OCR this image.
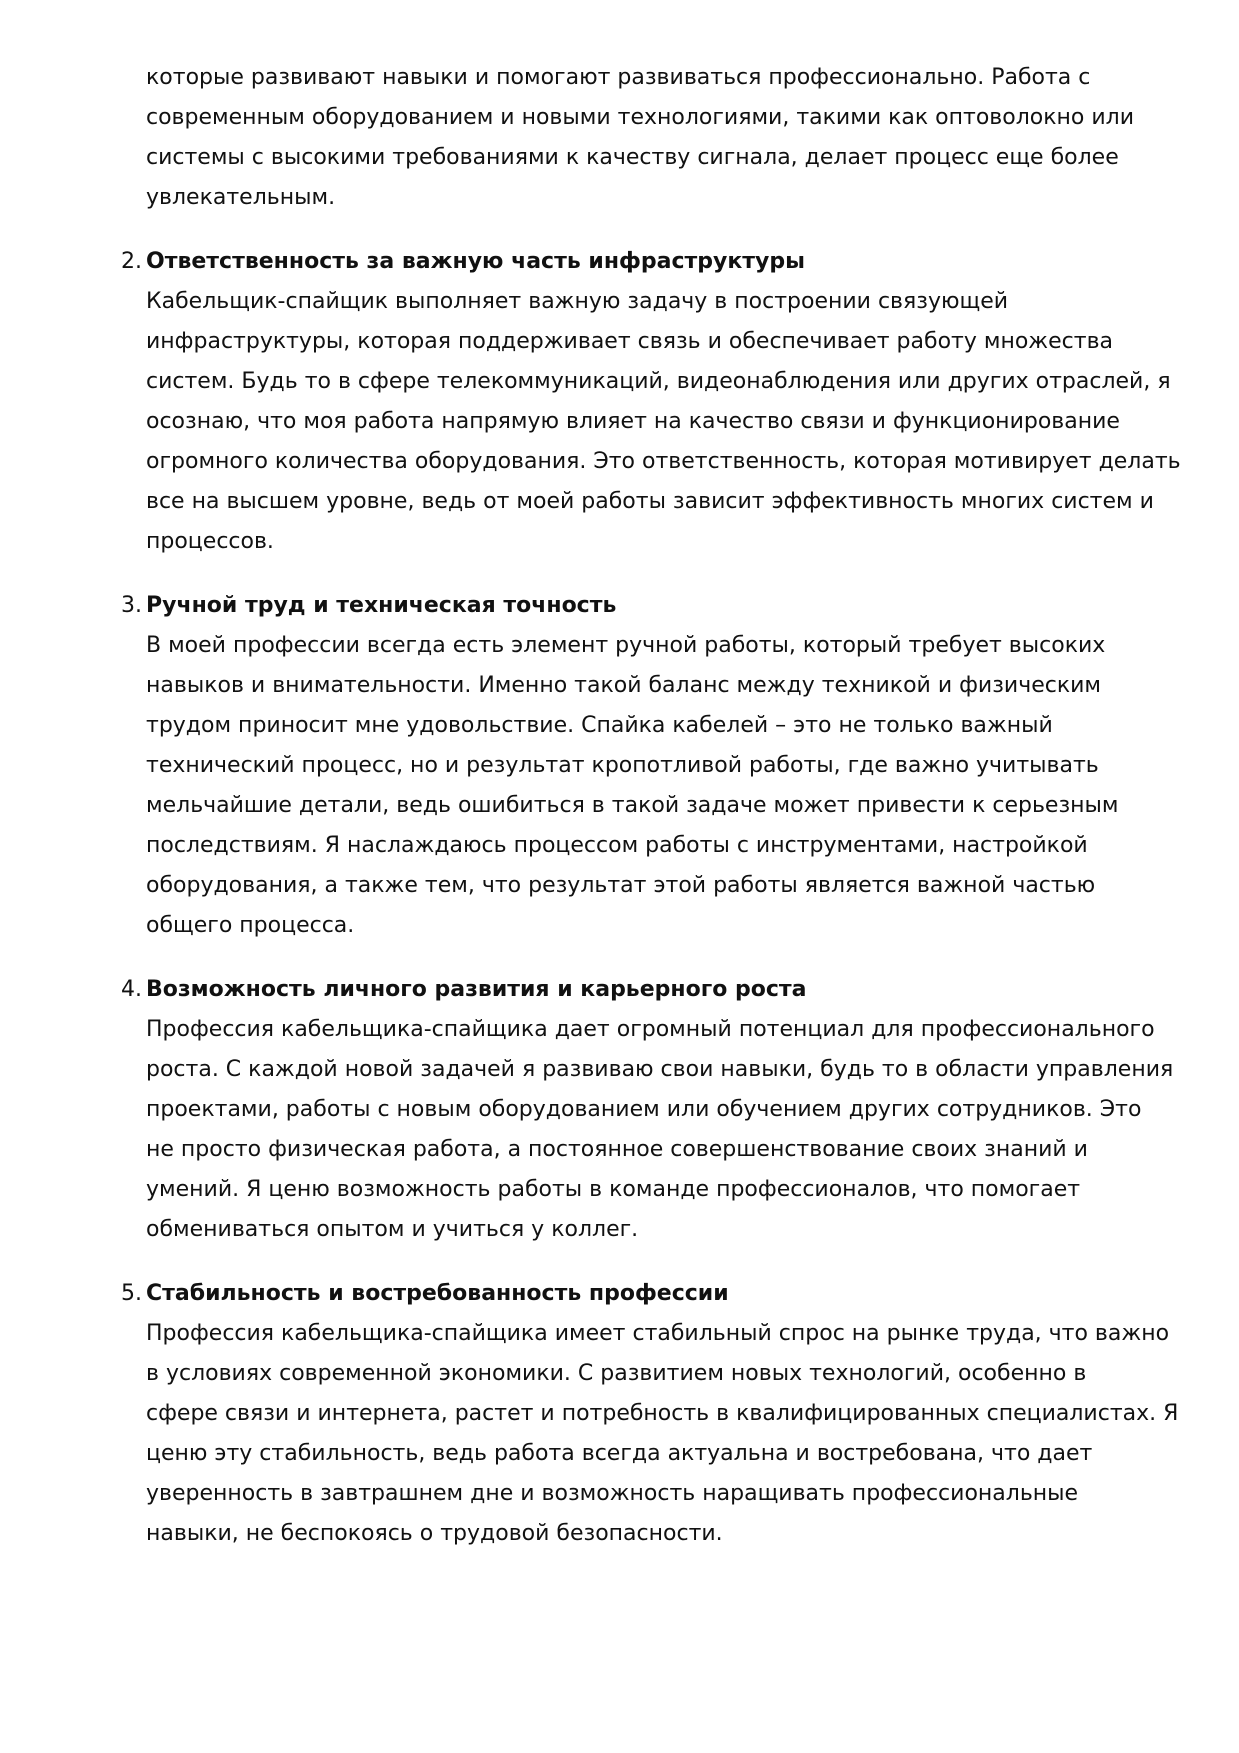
которые развивают навыки и помогают развиваться профессионально. Работа с
современным оборудованием и новыми технологиями, такими как оптоволокно или
системы с высокими требованиями к качеству сигнала, делает процесс еще более
увлекательным.
2. Ответственность за важную часть инфраструктуры
Кабельщик-спайщик выполняет важную задачу в построении связующей
инфраструктуры, которая поддерживает связь и обеспечивает работу множества
систем. Будь то в сфере телекоммуникаций, видеонаблюдения или других отраслей, я
осознаю, что моя работа напрямую влияет на качество связи и функционирование
огромного количества оборудования. Это ответственность, которая мотивирует делать
все на высшем уровне, ведь от моей работы зависит эффективность многих систем и
процессов.
3. Ручной труд и техническая точность
В моей профессии всегда есть элемент ручной работы, который требует высоких
навыков и внимательности. Именно такой баланс между техникой и физическим
трудом приносит мне удовольствие. Спайка кабелей – это не только важный
технический процесс, но и результат кропотливой работы, где важно учитывать
мельчайшие детали, ведь ошибиться в такой задаче может привести к серьезным
последствиям. Я наслаждаюсь процессом работы с инструментами, настройкой
оборудования, а также тем, что результат этой работы является важной частью
общего процесса.
4. Возможность личного развития и карьерного роста
Профессия кабельщика-спайщика дает огромный потенциал для профессионального
роста. С каждой новой задачей я развиваю свои навыки, будь то в области управления
проектами, работы с новым оборудованием или обучением других сотрудников. Это
не просто физическая работа, а постоянное совершенствование своих знаний и
умений. Я ценю возможность работы в команде профессионалов, что помогает
обмениваться опытом и учиться у коллег.
5. Стабильность и востребованность профессии
Профессия кабельщика-спайщика имеет стабильный спрос на рынке труда, что важно
в условиях современной экономики. С развитием новых технологий, особенно в
сфере связи и интернета, растет и потребность в квалифицированных специалистах. Я
ценю эту стабильность, ведь работа всегда актуальна и востребована, что дает
уверенность в завтрашнем дне и возможность наращивать профессиональные
навыки, не беспокоясь о трудовой безопасности.
